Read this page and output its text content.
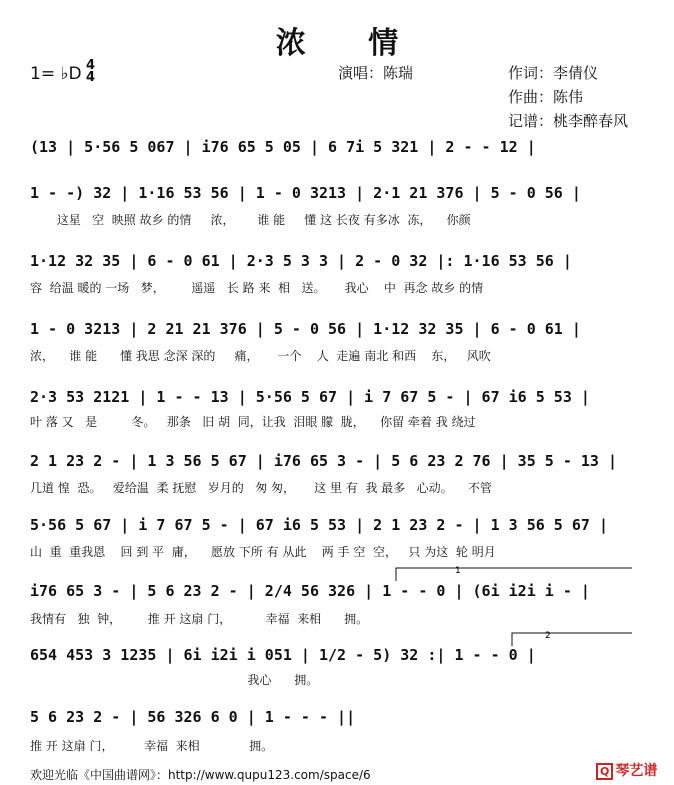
浓 情
1= ♭D 4
4	演唱：陈瑞	作词：李倩仪
作曲：陈伟
记谱：桃李醉春风
(13 | 5·56 5 067 | i76 65 5 05 | 6 7i 5 321 | 2 - - 12 |
1 - -) 32 | 1·16 53 56 | 1 - 0 3213 | 2·1 21 376 | 5 - 0 56 |
这星   空  映照 故乡 的情     浓，      谁 能     懂 这 长夜 有多冰  冻，    你颜
1·12 32 35 | 6 - 0 61 | 2·3 5 3 3 | 2 - 0 32 |: 1·16 53 56 |
容  给温 暖的 一场   梦，       遥遥   长 路 来  相   送。     我心    中  再念 故乡 的情
1 - 0 3213 | 2 21 21 376 | 5 - 0 56 | 1·12 32 35 | 6 - 0 61 |
浓，    谁 能      懂 我思 念深 深的     痛，     一个    人  走遍 南北 和西    东，   风吹
2·3 53 2121 | 1 - - 13 | 5·56 5 67 | i 7 67 5 - | 67 i6 5 53 |
叶 落 又   是         冬。   那条   旧 胡  同，让我  泪眼 朦  胧，    你留 牵着 我 绕过
2 1 23 2 - | 1 3 56 5 67 | i76 65 3 - | 5 6 23 2 76 | 35 5 - 13 |
几道 惶  恐。   爱给温  柔 抚慰   岁月的   匆 匆，     这 里 有  我 最多   心动。    不管
5·56 5 67 | i 7 67 5 - | 67 i6 5 53 | 2 1 23 2 - | 1 3 56 5 67 |
山  重  重我恩    回 到 平  庸，    愿放 下所 有 从此    两 手 空  空，   只 为这  轮 明月
i76 65 3 - | 5 6 23 2 - | 2/4 56 326 | 1 - - 0 | (6i i2i i - |
我情有   独  钟，       推 开 这扇 门，         幸福  来相      拥。
654 453 3 1235 | 6i i2i i 051 | 1/2 - 5) 32 :| 1 - - 0 |
我心      拥。
5 6 23 2 - | 56 326 6 0 | 1 - - - ||
推 开 这扇 门，        幸福  来相             拥。
1
2
欢迎光临《中国曲谱网》：http://www.qupu123.com/space/6	Q 琴艺谱
